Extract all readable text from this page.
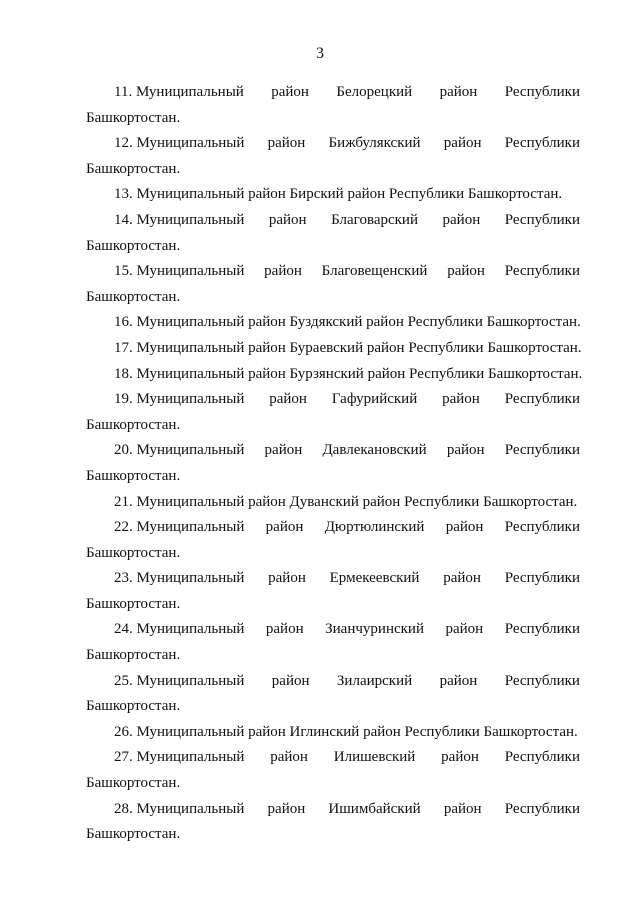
3
11. Муниципальный район Белорецкий район Республики
Башкортостан.
12. Муниципальный район Бижбулякский район Республики
Башкортостан.
13. Муниципальный район Бирский район Республики Башкортостан.
14. Муниципальный район Благоварский район Республики
Башкортостан.
15. Муниципальный район Благовещенский район Республики
Башкортостан.
16. Муниципальный район Буздякский район Республики Башкортостан.
17. Муниципальный район Бураевский район Республики Башкортостан.
18. Муниципальный район Бурзянский район Республики Башкортостан.
19. Муниципальный район Гафурийский район Республики
Башкортостан.
20. Муниципальный район Давлекановский район Республики
Башкортостан.
21. Муниципальный район Дуванский район Республики Башкортостан.
22. Муниципальный район Дюртюлинский район Республики
Башкортостан.
23. Муниципальный район Ермекеевский район Республики
Башкортостан.
24. Муниципальный район Зианчуринский район Республики
Башкортостан.
25. Муниципальный район Зилаирский район Республики
Башкортостан.
26. Муниципальный район Иглинский район Республики Башкортостан.
27. Муниципальный район Илишевский район Республики
Башкортостан.
28. Муниципальный район Ишимбайский район Республики
Башкортостан.
